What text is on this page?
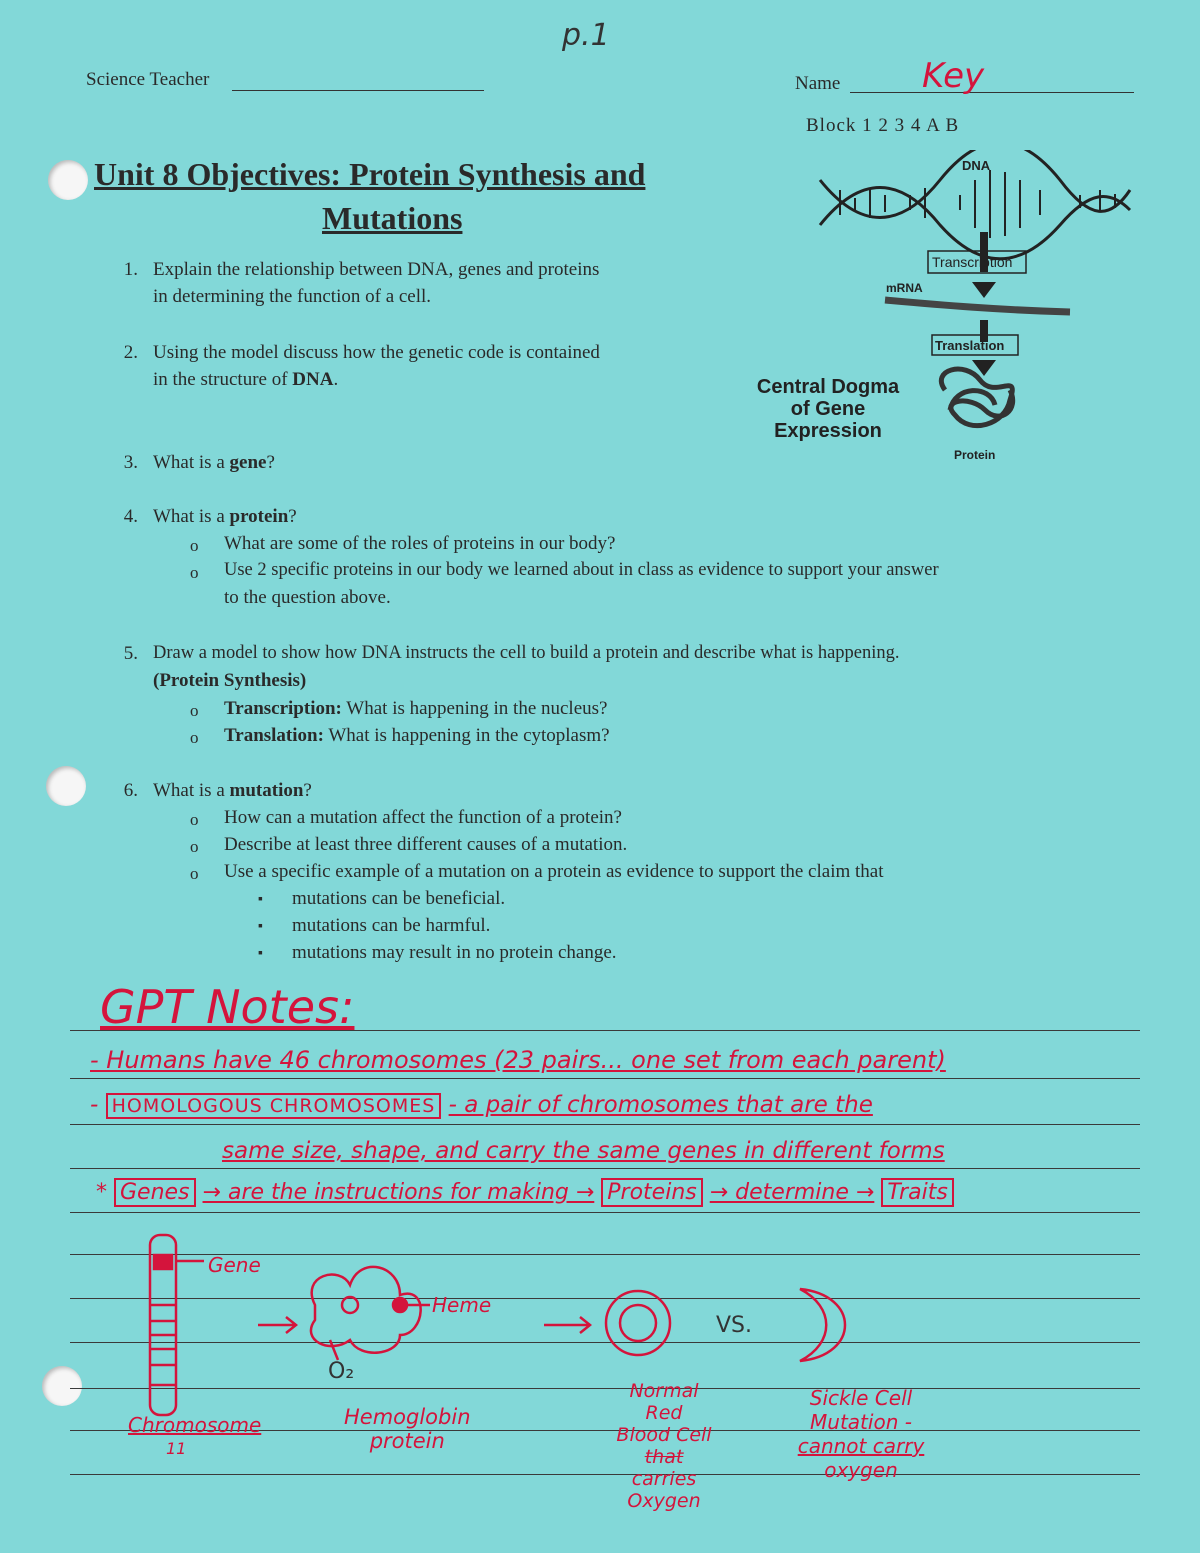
p.1
Science Teacher	Name Key
Block 1 2 3 4 A B
Unit 8 Objectives: Protein Synthesis and
Mutations
DNA
Transcription
mRNA
Translation
Protein
Central Dogma
of Gene
Expression
1. Explain the relationship between DNA, genes and proteins
in determining the function of a cell.
2. Using the model discuss how the genetic code is contained
in the structure of DNA.
3. What is a gene?
4. What is a protein?
o What are some of the roles of proteins in our body?
o Use 2 specific proteins in our body we learned about in class as evidence to support your answer
to the question above.
5. Draw a model to show how DNA instructs the cell to build a protein and describe what is happening.
(Protein Synthesis)
o Transcription: What is happening in the nucleus?
o Translation: What is happening in the cytoplasm?
6. What is a mutation?
o How can a mutation affect the function of a protein?
o Describe at least three different causes of a mutation.
o Use a specific example of a mutation on a protein as evidence to support the claim that
▪ mutations can be beneficial.
▪ mutations can be harmful.
▪ mutations may result in no protein change.
GPT Notes:
- Humans have 46 chromosomes (23 pairs... one set from each parent)
- HOMOLOGOUS CHROMOSOMES - a pair of chromosomes that are the
same size, shape, and carry the same genes in different forms
* Genes → are the instructions for making → Proteins → determine → Traits
Gene
Heme
O₂
VS.
Chromosome
11
Hemoglobin
protein
Normal
Red
Blood Cell
that
carries
Oxygen
Sickle Cell
Mutation -
cannot carry
oxygen
